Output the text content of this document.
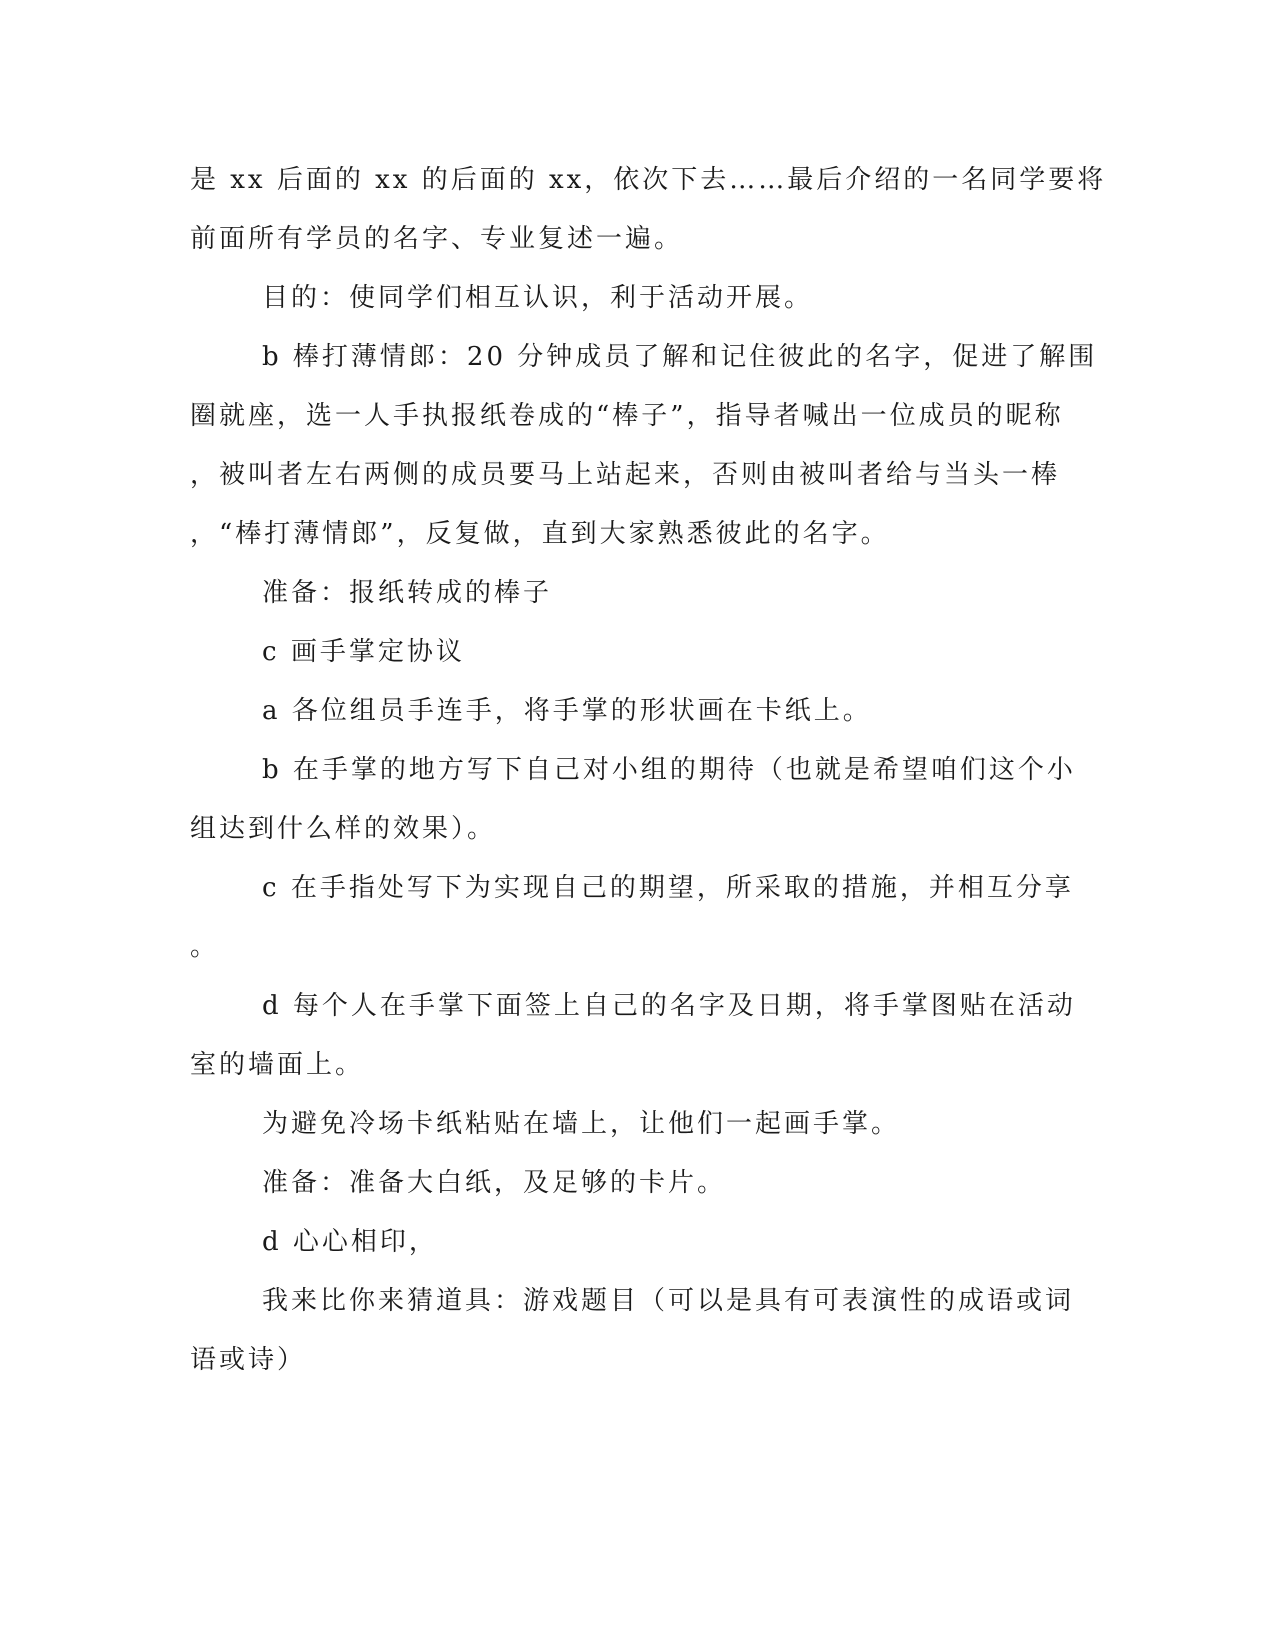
是 xx 后面的 xx 的后面的 xx，依次下去……最后介绍的一名同学要将
前面所有学员的名字、专业复述一遍。
目的：使同学们相互认识，利于活动开展。
b 棒打薄情郎：20 分钟成员了解和记住彼此的名字，促进了解围
圈就座，选一人手执报纸卷成的“棒子”，指导者喊出一位成员的昵称
，被叫者左右两侧的成员要马上站起来，否则由被叫者给与当头一棒
，“棒打薄情郎”，反复做，直到大家熟悉彼此的名字。
准备：报纸转成的棒子
c 画手掌定协议
a 各位组员手连手，将手掌的形状画在卡纸上。
b 在手掌的地方写下自己对小组的期待（也就是希望咱们这个小
组达到什么样的效果）。
c 在手指处写下为实现自己的期望，所采取的措施，并相互分享
。
d 每个人在手掌下面签上自己的名字及日期，将手掌图贴在活动
室的墙面上。
为避免冷场卡纸粘贴在墙上，让他们一起画手掌。
准备：准备大白纸，及足够的卡片。
d 心心相印，
我来比你来猜道具：游戏题目（可以是具有可表演性的成语或词
语或诗）
